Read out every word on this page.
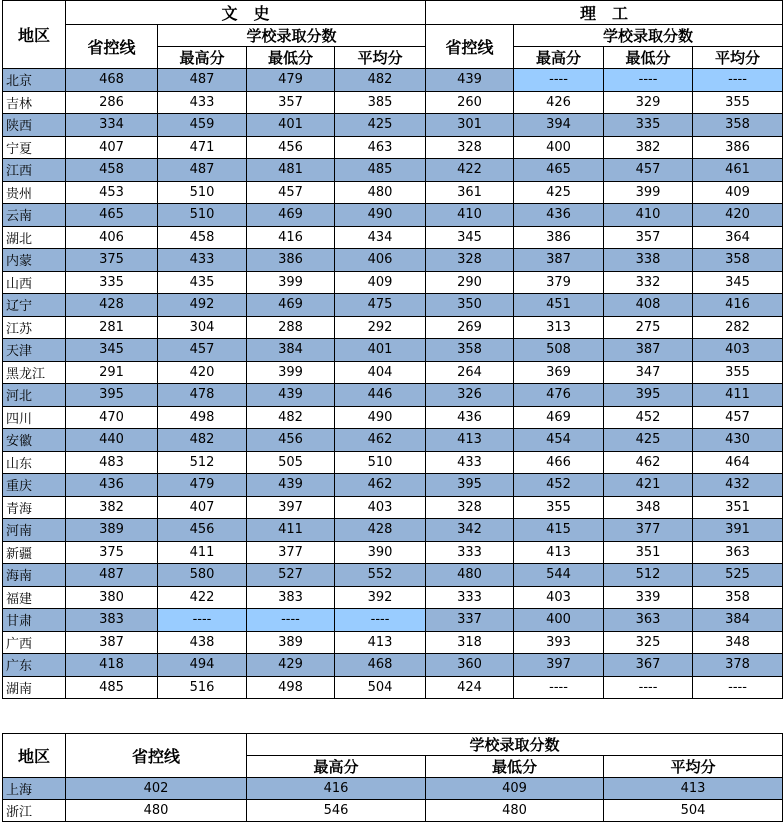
地区	文　史				理　工			
	省控线	学校录取分数			省控线	学校录取分数		
		最高分	最低分	平均分		最高分	最低分	平均分
北京	468	487	479	482	439	----	----	----
吉林	286	433	357	385	260	426	329	355
陕西	334	459	401	425	301	394	335	358
宁夏	407	471	456	463	328	400	382	386
江西	458	487	481	485	422	465	457	461
贵州	453	510	457	480	361	425	399	409
云南	465	510	469	490	410	436	410	420
湖北	406	458	416	434	345	386	357	364
内蒙	375	433	386	406	328	387	338	358
山西	335	435	399	409	290	379	332	345
辽宁	428	492	469	475	350	451	408	416
江苏	281	304	288	292	269	313	275	282
天津	345	457	384	401	358	508	387	403
黑龙江	291	420	399	404	264	369	347	355
河北	395	478	439	446	326	476	395	411
四川	470	498	482	490	436	469	452	457
安徽	440	482	456	462	413	454	425	430
山东	483	512	505	510	433	466	462	464
重庆	436	479	439	462	395	452	421	432
青海	382	407	397	403	328	355	348	351
河南	389	456	411	428	342	415	377	391
新疆	375	411	377	390	333	413	351	363
海南	487	580	527	552	480	544	512	525
福建	380	422	383	392	333	403	339	358
甘肃	383	----	----	----	337	400	363	384
广西	387	438	389	413	318	393	325	348
广东	418	494	429	468	360	397	367	378
湖南	485	516	498	504	424	----	----	----
地区	省控线	学校录取分数		
		最高分	最低分	平均分
上海	402	416	409	413
浙江	480	546	480	504
